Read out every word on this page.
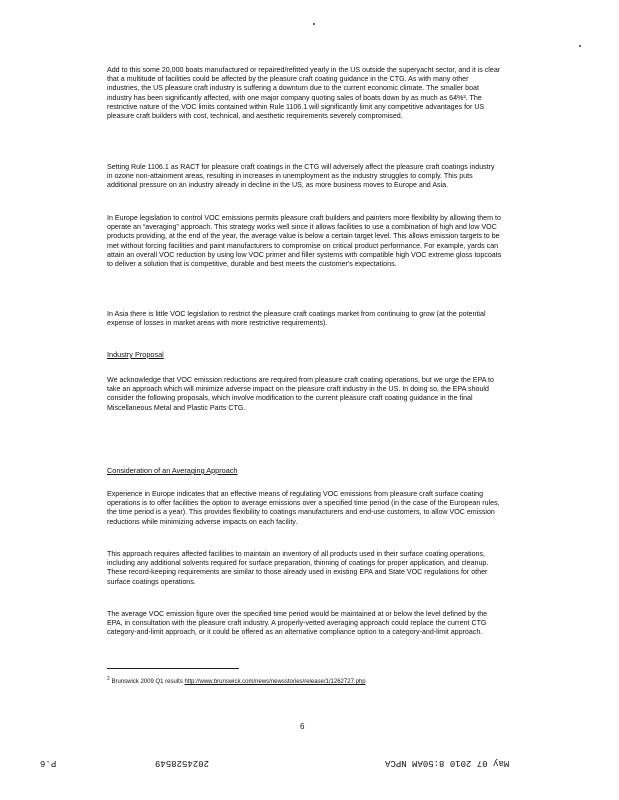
Add to this some 20,000 boats manufactured or repaired/refitted yearly in the US outside the superyacht sector, and it is clear that a multitude of facilities could be affected by the pleasure craft coating guidance in the CTG. As with many other industries, the US pleasure craft industry is suffering a downturn due to the current economic climate. The smaller boat industry has been significantly affected, with one major company quoting sales of boats down by as much as 64%². The restrictive nature of the VOC limits contained within Rule 1106.1 will significantly limit any competitive advantages for US pleasure craft builders with cost, technical, and aesthetic requirements severely compromised.

Setting Rule 1106.1 as RACT for pleasure craft coatings in the CTG will adversely affect the pleasure craft coatings industry in ozone non-attainment areas, resulting in increases in unemployment as the industry struggles to comply. This puts additional pressure on an industry already in decline in the US, as more business moves to Europe and Asia.

In Europe legislation to control VOC emissions permits pleasure craft builders and painters more flexibility by allowing them to operate an “averaging” approach. This strategy works well since it allows facilities to use a combination of high and low VOC products providing, at the end of the year, the average value is below a certain target level. This allows emission targets to be met without forcing facilities and paint manufacturers to compromise on critical product performance. For example, yards can attain an overall VOC reduction by using low VOC primer and filler systems with compatible high VOC extreme gloss topcoats to deliver a solution that is competitive, durable and best meets the customer's expectations.

In Asia there is little VOC legislation to restrict the pleasure craft coatings market from continuing to grow (at the potential expense of losses in market areas with more restrictive requirements).

Industry Proposal

We acknowledge that VOC emission reductions are required from pleasure craft coating operations, but we urge the EPA to take an approach which will minimize adverse impact on the pleasure craft industry in the US. In doing so, the EPA should consider the following proposals, which involve modification to the current pleasure craft coating guidance in the final Miscellaneous Metal and Plastic Parts CTG.

Consideration of an Averaging Approach

Experience in Europe indicates that an effective means of regulating VOC emissions from pleasure craft surface coating operations is to offer facilities the option to average emissions over a specified time period (in the case of the European rules, the time period is a year). This provides flexibility to coatings manufacturers and end-use customers, to allow VOC emission reductions while minimizing adverse impacts on each facility.

This approach requires affected facilities to maintain an inventory of all products used in their surface coating operations, including any additional solvents required for surface preparation, thinning of coatings for proper application, and cleanup. These record-keeping requirements are similar to those already used in existing EPA and State VOC regulations for other surface coatings operations.

The average VOC emission figure over the specified time period would be maintained at or below the level defined by the EPA, in consultation with the pleasure craft industry. A properly-vetted averaging approach could replace the current CTG category-and-limit approach, or it could be offered as an alternative compliance option to a category-and-limit approach.

$^2$ Brunswick 2009 Q1 results http://www.brunswick.com/news/newsstories/release/1/1262727.php
6
P.6	2024528549	May 07 2010 8:50AM NPCA
